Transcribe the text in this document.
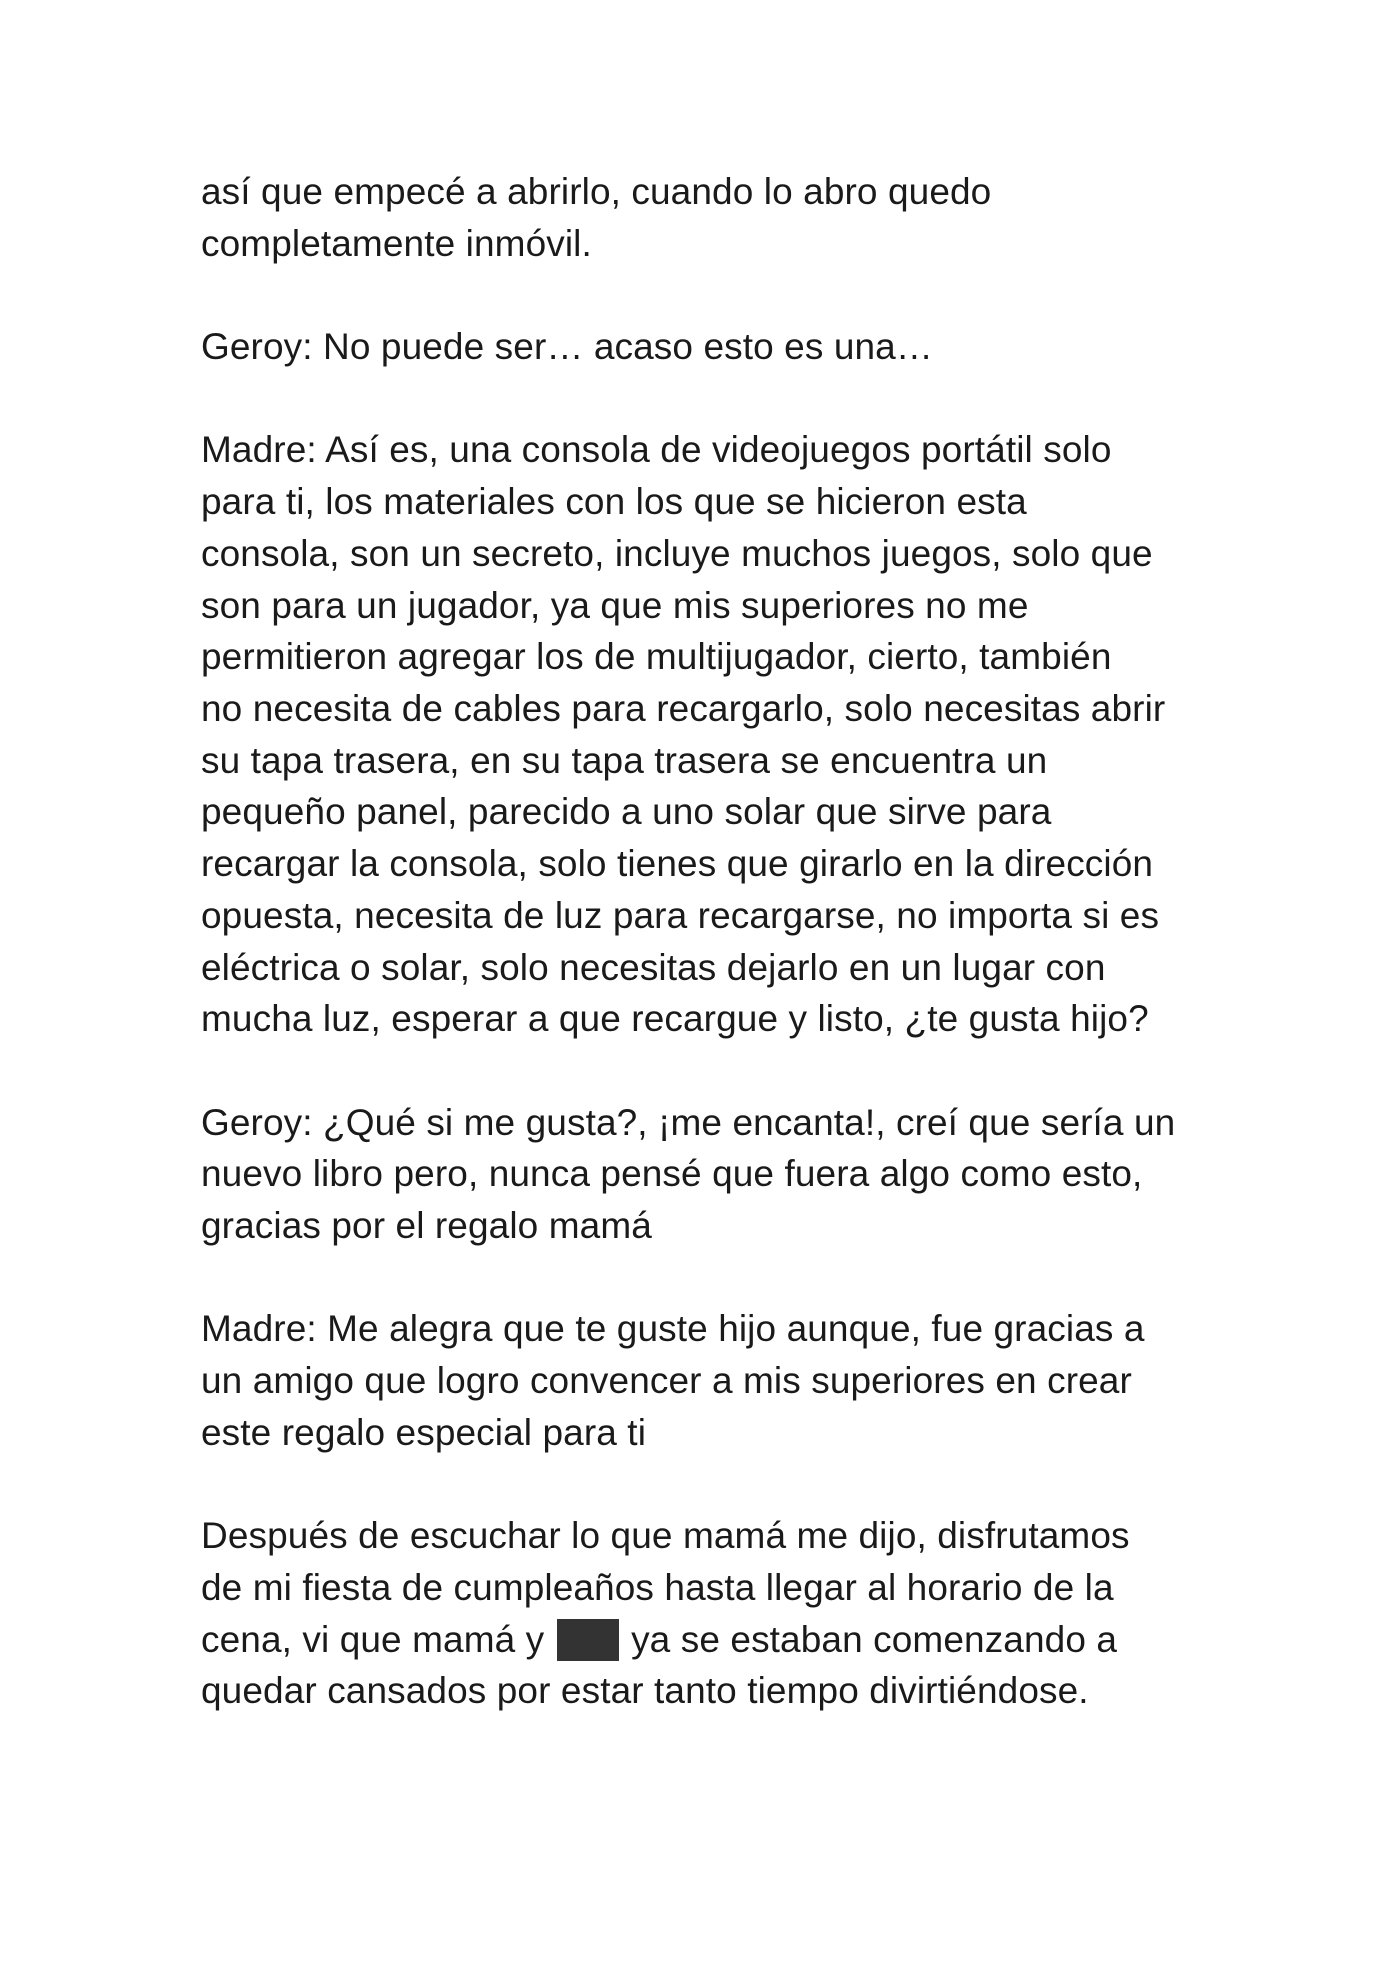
así que empecé a abrirlo, cuando lo abro quedo
completamente inmóvil.

Geroy: No puede ser… acaso esto es una…

Madre: Así es, una consola de videojuegos portátil solo
para ti, los materiales con los que se hicieron esta
consola, son un secreto, incluye muchos juegos, solo que
son para un jugador, ya que mis superiores no me
permitieron agregar los de multijugador, cierto, también
no necesita de cables para recargarlo, solo necesitas abrir
su tapa trasera, en su tapa trasera se encuentra un
pequeño panel, parecido a uno solar que sirve para
recargar la consola, solo tienes que girarlo en la dirección
opuesta, necesita de luz para recargarse, no importa si es
eléctrica o solar, solo necesitas dejarlo en un lugar con
mucha luz, esperar a que recargue y listo, ¿te gusta hijo?

Geroy: ¿Qué si me gusta?, ¡me encanta!, creí que sería un
nuevo libro pero, nunca pensé que fuera algo como esto,
gracias por el regalo mamá

Madre: Me alegra que te guste hijo aunque, fue gracias a
un amigo que logro convencer a mis superiores en crear
este regalo especial para ti

Después de escuchar lo que mamá me dijo, disfrutamos
de mi fiesta de cumpleaños hasta llegar al horario de la
cena, vi que mamá y ya se estaban comenzando a
quedar cansados por estar tanto tiempo divirtiéndose.
